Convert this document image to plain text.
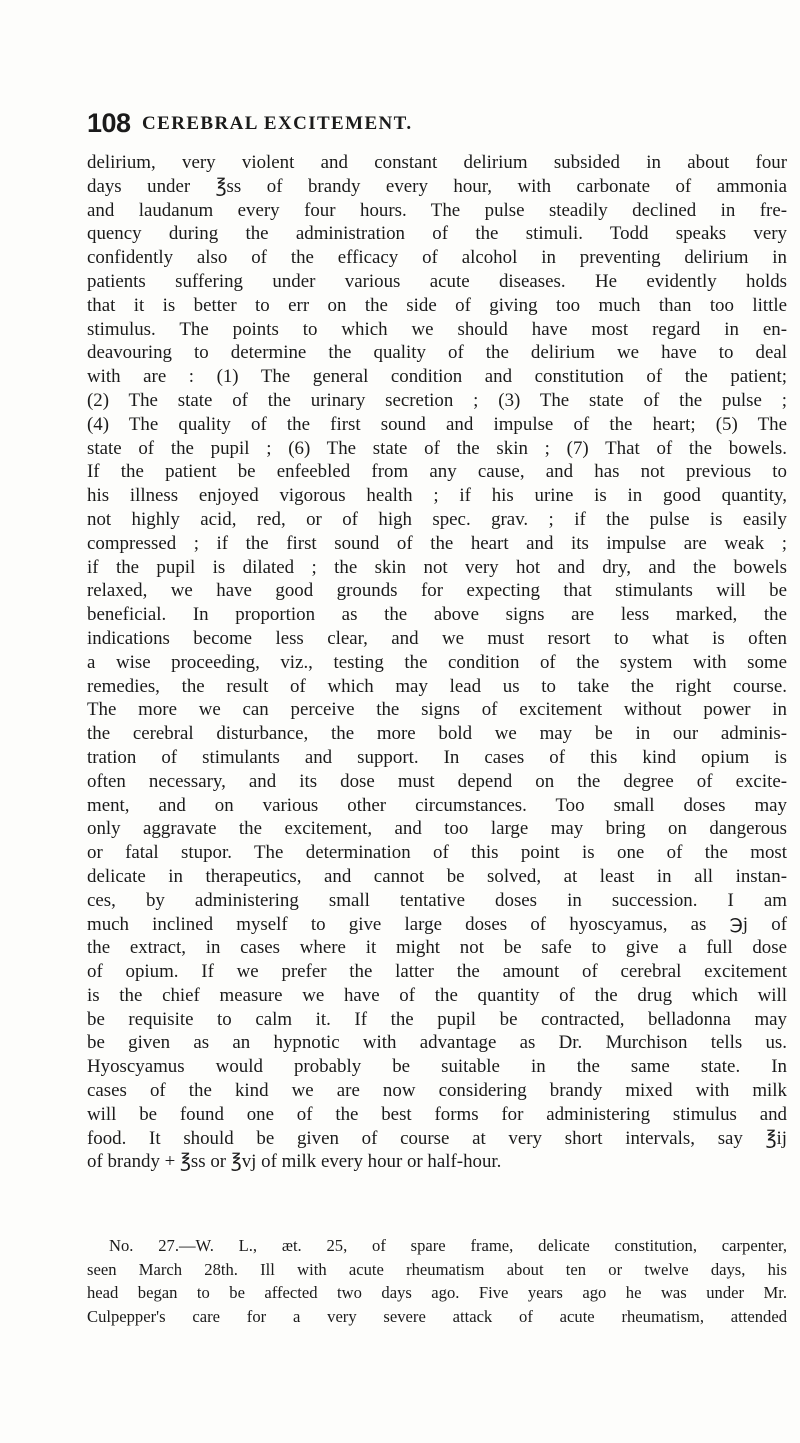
108 CEREBRAL EXCITEMENT.
delirium, very violent and constant delirium subsided in about four
days under ℥ss of brandy every hour, with carbonate of ammonia
and laudanum every four hours. The pulse steadily declined in fre-
quency during the administration of the stimuli. Todd speaks very
confidently also of the efficacy of alcohol in preventing delirium in
patients suffering under various acute diseases. He evidently holds
that it is better to err on the side of giving too much than too little
stimulus. The points to which we should have most regard in en-
deavouring to determine the quality of the delirium we have to deal
with are : (1) The general condition and constitution of the patient;
(2) The state of the urinary secretion ; (3) The state of the pulse ;
(4) The quality of the first sound and impulse of the heart; (5) The
state of the pupil ; (6) The state of the skin ; (7) That of the bowels.
If the patient be enfeebled from any cause, and has not previous to
his illness enjoyed vigorous health ; if his urine is in good quantity,
not highly acid, red, or of high spec. grav. ; if the pulse is easily
compressed ; if the first sound of the heart and its impulse are weak ;
if the pupil is dilated ; the skin not very hot and dry, and the bowels
relaxed, we have good grounds for expecting that stimulants will be
beneficial. In proportion as the above signs are less marked, the
indications become less clear, and we must resort to what is often
a wise proceeding, viz., testing the condition of the system with some
remedies, the result of which may lead us to take the right course.
The more we can perceive the signs of excitement without power in
the cerebral disturbance, the more bold we may be in our adminis-
tration of stimulants and support. In cases of this kind opium is
often necessary, and its dose must depend on the degree of excite-
ment, and on various other circumstances. Too small doses may
only aggravate the excitement, and too large may bring on dangerous
or fatal stupor. The determination of this point is one of the most
delicate in therapeutics, and cannot be solved, at least in all instan-
ces, by administering small tentative doses in succession. I am
much inclined myself to give large doses of hyoscyamus, as ℈j of
the extract, in cases where it might not be safe to give a full dose
of opium. If we prefer the latter the amount of cerebral excitement
is the chief measure we have of the quantity of the drug which will
be requisite to calm it. If the pupil be contracted, belladonna may
be given as an hypnotic with advantage as Dr. Murchison tells us.
Hyoscyamus would probably be suitable in the same state. In
cases of the kind we are now considering brandy mixed with milk
will be found one of the best forms for administering stimulus and
food. It should be given of course at very short intervals, say ℥ij
of brandy + ℥ss or ℥vj of milk every hour or half-hour.
No. 27.—W. L., æt. 25, of spare frame, delicate constitution, carpenter,
seen March 28th. Ill with acute rheumatism about ten or twelve days, his
head began to be affected two days ago. Five years ago he was under Mr.
Culpepper's care for a very severe attack of acute rheumatism, attended
